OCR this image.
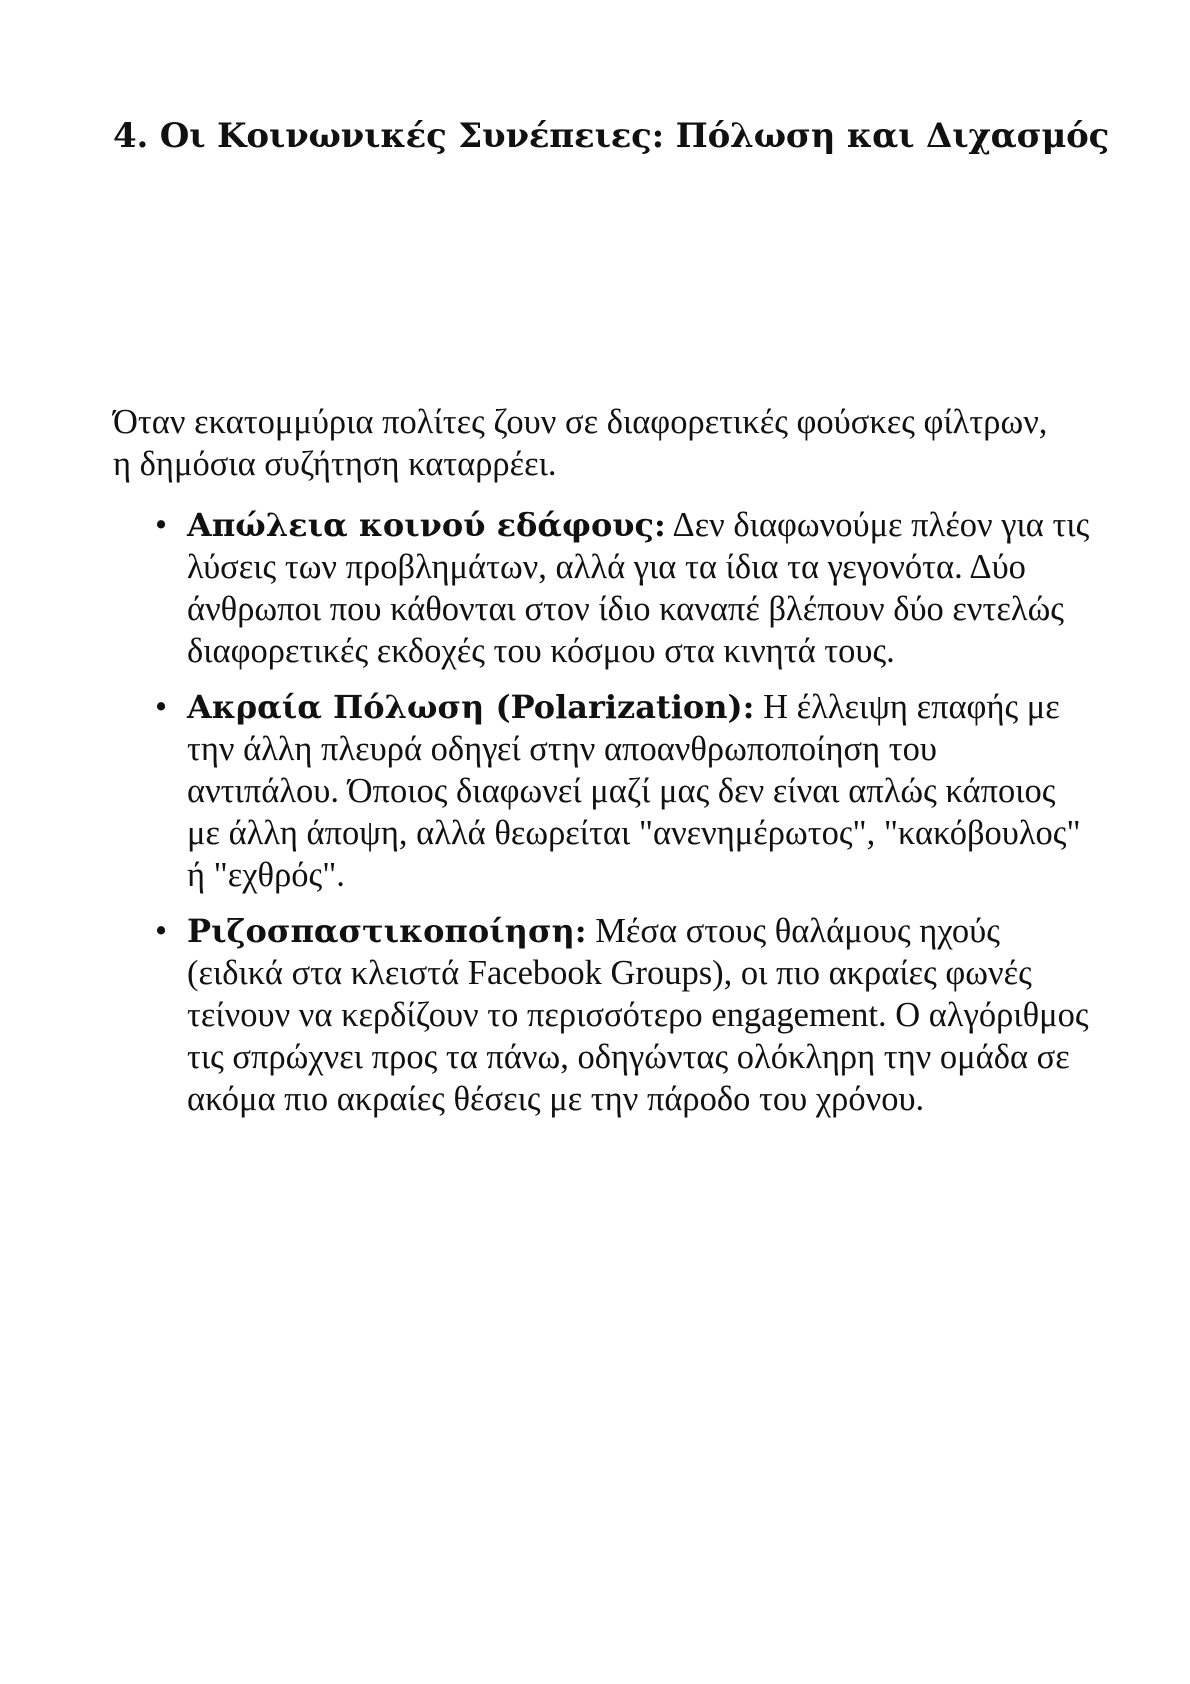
4. Οι Κοινωνικές Συνέπειες: Πόλωση και Διχασμός

Όταν εκατομμύρια πολίτες ζουν σε διαφορετικές φούσκες φίλτρων, η δημόσια συζήτηση καταρρέει.

• Απώλεια κοινού εδάφους: Δεν διαφωνούμε πλέον για τις λύσεις των προβλημάτων, αλλά για τα ίδια τα γεγονότα. Δύο άνθρωποι που κάθονται στον ίδιο καναπέ βλέπουν δύο εντελώς διαφορετικές εκδοχές του κόσμου στα κινητά τους.
• Ακραία Πόλωση (Polarization): Η έλλειψη επαφής με την άλλη πλευρά οδηγεί στην αποανθρωποποίηση του αντιπάλου. Όποιος διαφωνεί μαζί μας δεν είναι απλώς κάποιος με άλλη άποψη, αλλά θεωρείται "ανενημέρωτος", "κακόβουλος" ή "εχθρός".
• Ριζοσπαστικοποίηση: Μέσα στους θαλάμους ηχούς (ειδικά στα κλειστά Facebook Groups), οι πιο ακραίες φωνές τείνουν να κερδίζουν το περισσότερο engagement. Ο αλγόριθμος τις σπρώχνει προς τα πάνω, οδηγώντας ολόκληρη την ομάδα σε ακόμα πιο ακραίες θέσεις με την πάροδο του χρόνου.
